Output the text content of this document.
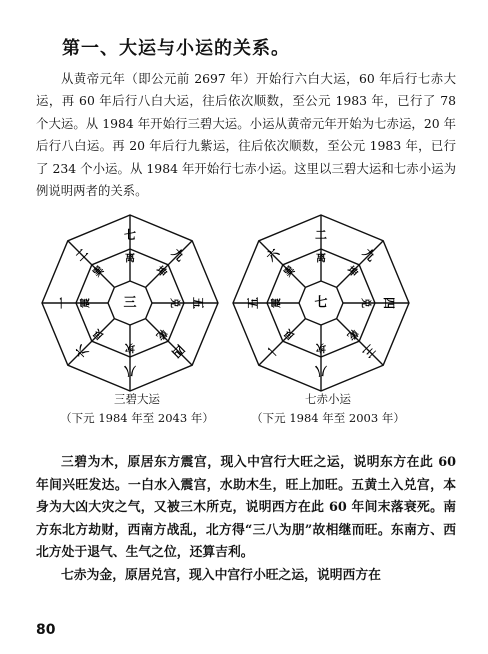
第一、大运与小运的关系。

从黄帝元年（即公元前 2697 年）开始行六白大运，60 年后行七赤大运，再 60 年后行八白大运，往后依次顺数，至公元 1983 年，已行了 78 个大运。从 1984 年开始行三碧大运。小运从黄帝元年开始为七赤运，20 年后行八白运。再 20 年后行九紫运，往后依次顺数，至公元 1983 年，已行了 234 个小运。从 1984 年开始行七赤小运。这里以三碧大运和七赤小运为例说明两者的关系。

三
七
九
五
四
八
六
一
二	离
坤
兑
乾
坎
艮
震
巽
三碧大运
（下元 1984 年至 2043 年）
七
二
九
四
三
八
一
五
六	离
坤
兑
乾
坎
艮
震
巽
七赤小运
（下元 1984 年至 2003 年）

三碧为木，原居东方震宫，现入中宫行大旺之运，说明东方在此 60 年间兴旺发达。一白水入震宫，水助木生，旺上加旺。五黄土入兑宫，本身为大凶大灾之气，又被三木所克，说明西方在此 60 年间末落衰死。南方东北方劫财，西南方战乱，北方得“三八为朋”故相继而旺。东南方、西北方处于退气、生气之位，还算吉利。

七赤为金，原居兑宫，现入中宫行小旺之运，说明西方在

80
